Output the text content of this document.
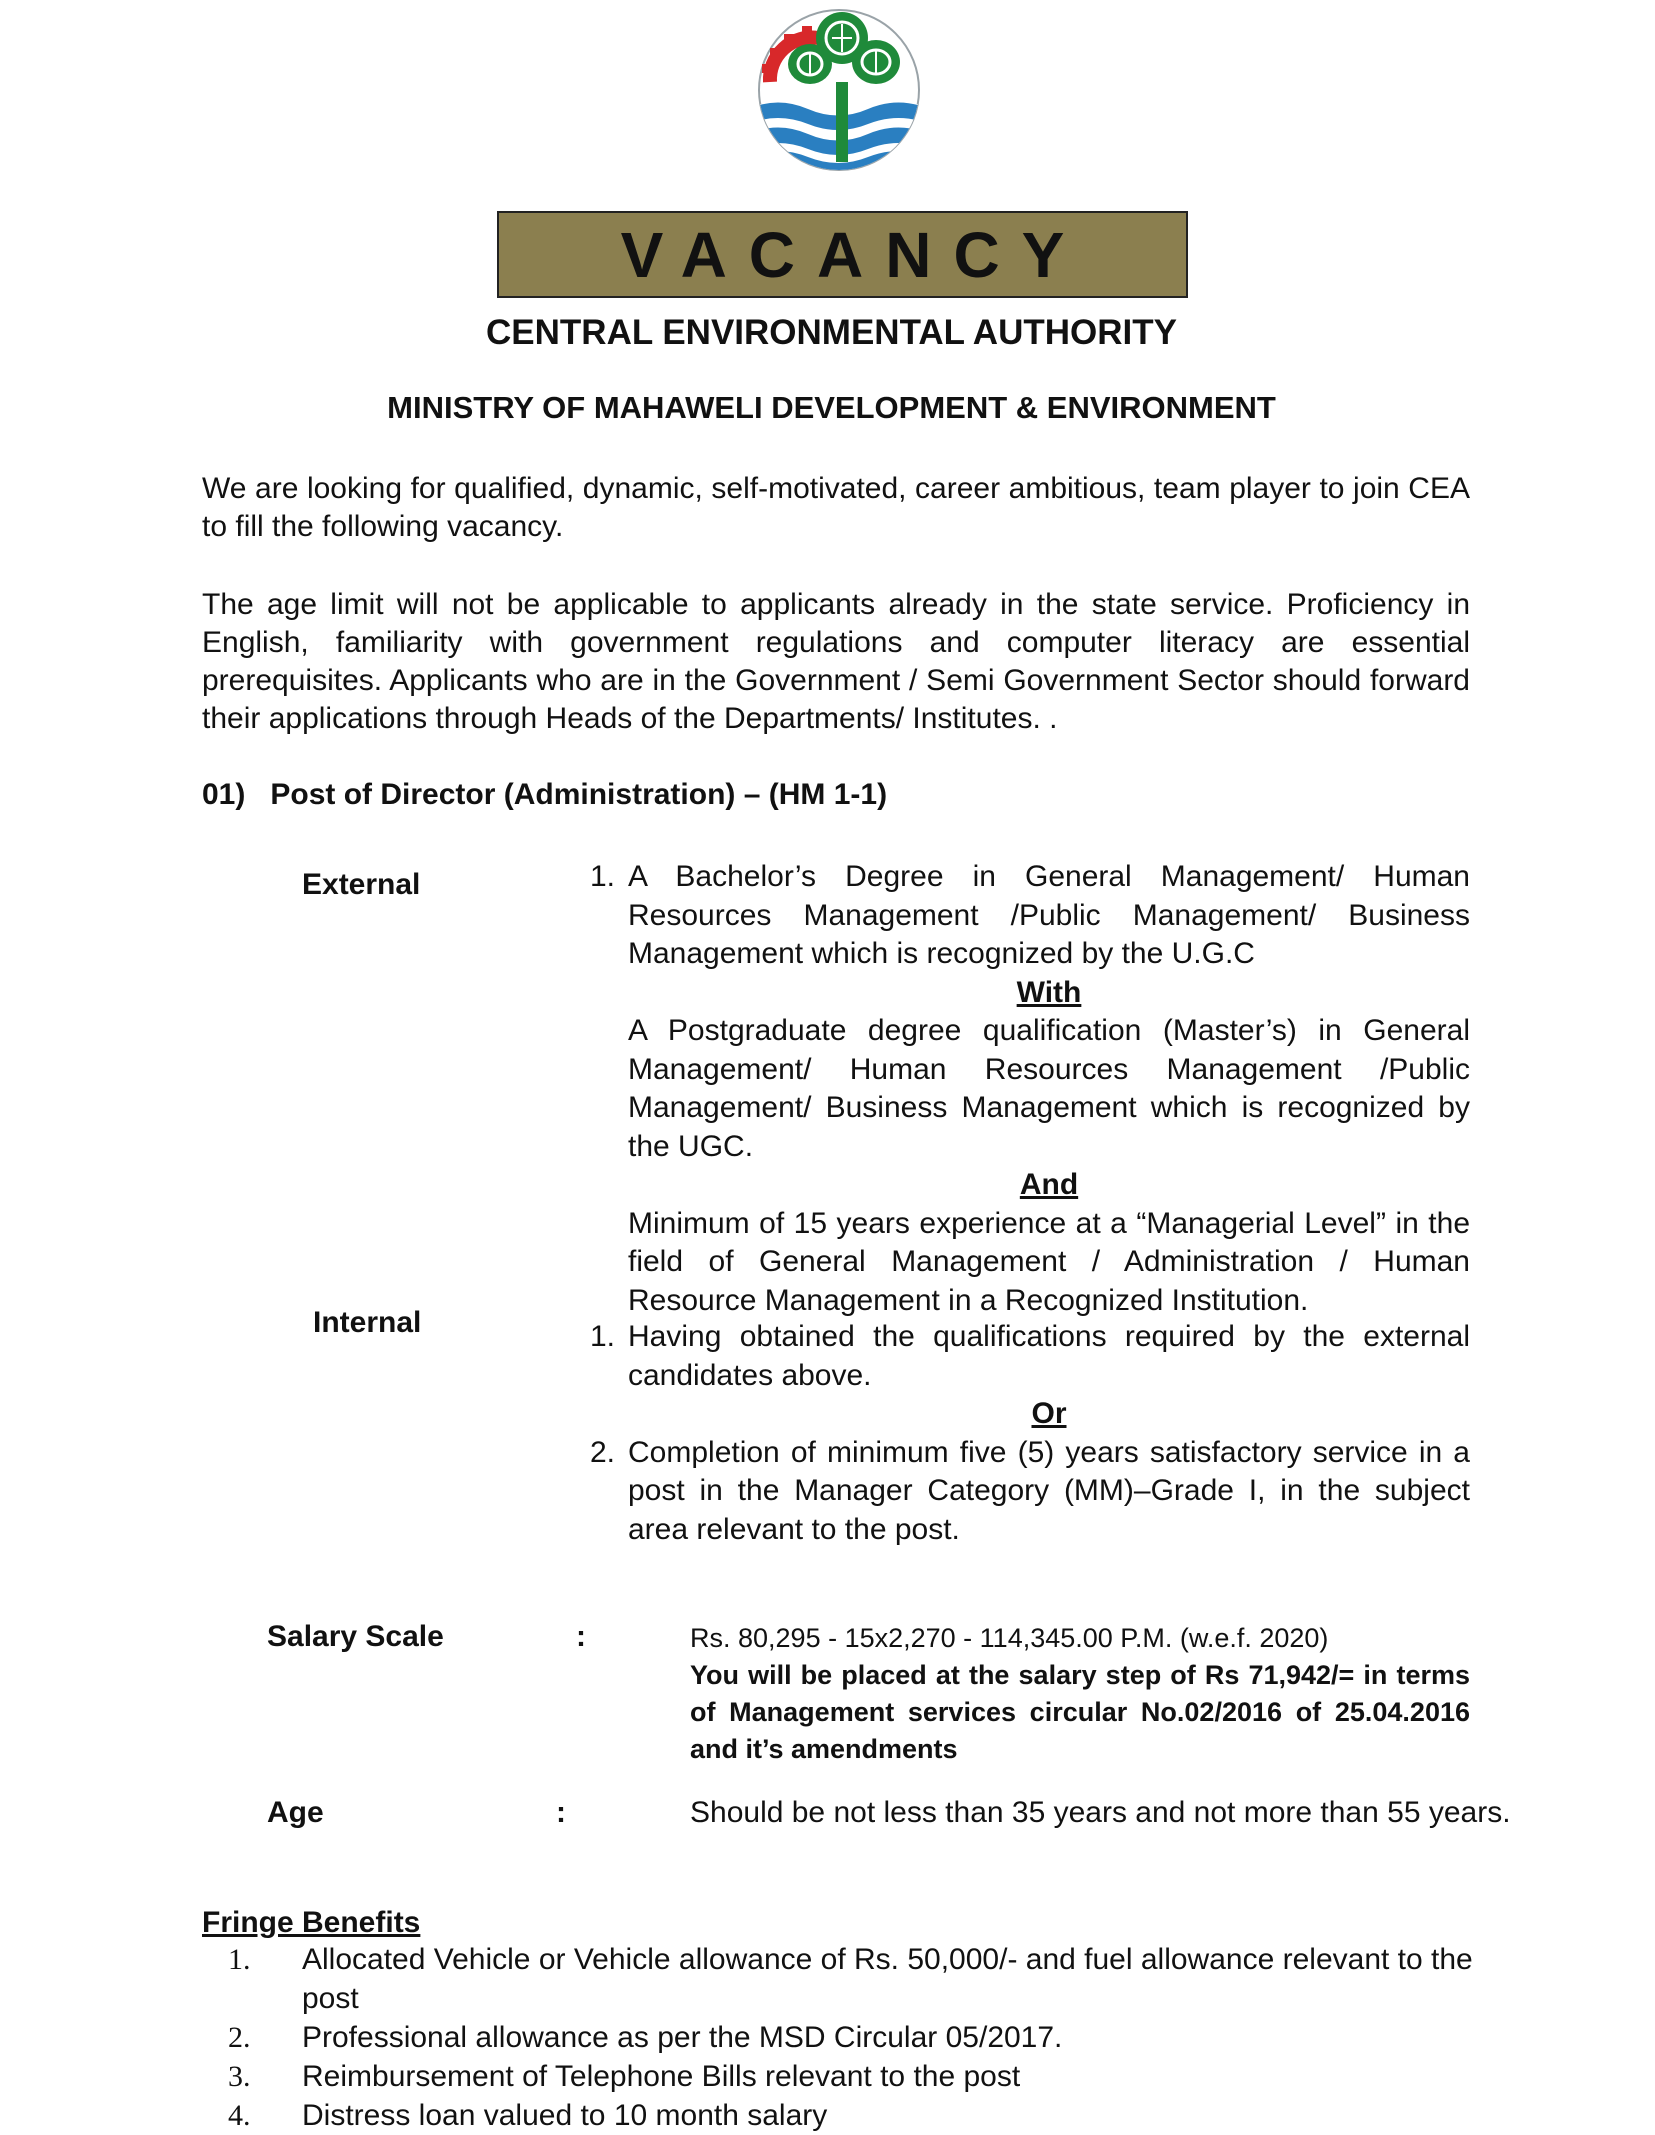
VACANCY
CENTRAL ENVIRONMENTAL AUTHORITY
MINISTRY OF MAHAWELI DEVELOPMENT & ENVIRONMENT
We are looking for qualified, dynamic, self-motivated, career ambitious, team player to join CEA to fill the following vacancy.
The age limit will not be applicable to applicants already in the state service. Proficiency in English, familiarity with government regulations and computer literacy are essential prerequisites. Applicants who are in the Government / Semi Government Sector should forward their applications through Heads of the Departments/ Institutes. .
01) Post of Director (Administration) – (HM 1-1)
External	1. A Bachelor’s Degree in General Management/ Human Resources Management /Public Management/ Business Management which is recognized by the U.G.C
With
A Postgraduate degree qualification (Master’s) in General Management/ Human Resources Management /Public Management/ Business Management which is recognized by the UGC.
And
Minimum of 15 years experience at a “Managerial Level” in the field of General Management / Administration / Human Resource Management in a Recognized Institution.
Internal	1. Having obtained the qualifications required by the external candidates above.
Or
2. Completion of minimum five (5) years satisfactory service in a post in the Manager Category (MM)–Grade I, in the subject area relevant to the post.
Salary Scale	:	Rs. 80,295 - 15x2,270 - 114,345.00 P.M. (w.e.f. 2020)
You will be placed at the salary step of Rs 71,942/= in terms of Management services circular No.02/2016 of 25.04.2016 and it’s amendments
Age	:	Should be not less than 35 years and not more than 55 years.
Fringe Benefits
1. Allocated Vehicle or Vehicle allowance of Rs. 50,000/- and fuel allowance relevant to the post
2. Professional allowance as per the MSD Circular 05/2017.
3. Reimbursement of Telephone Bills relevant to the post
4. Distress loan valued to 10 month salary
